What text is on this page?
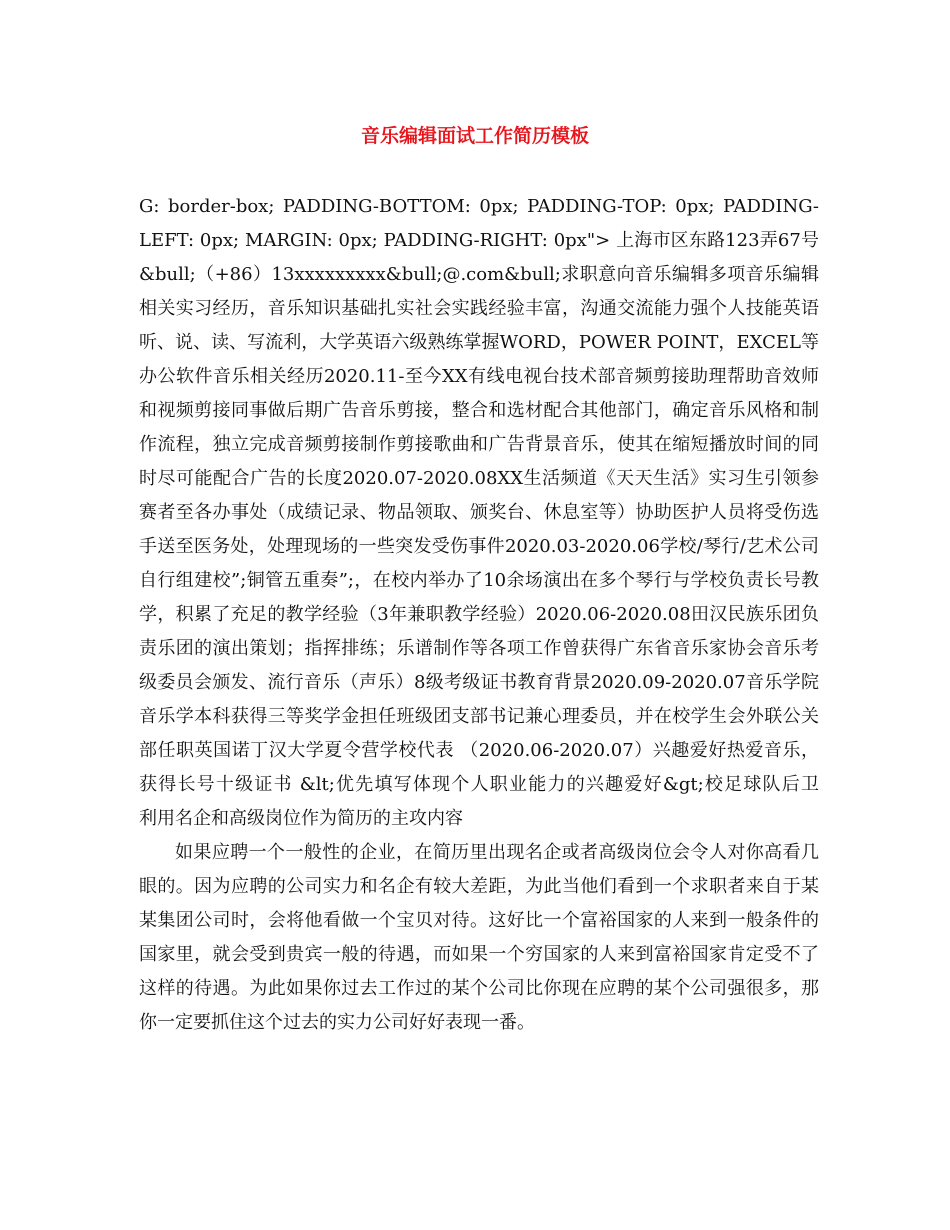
音乐编辑面试工作简历模板

G: border-box; PADDING-BOTTOM: 0px; PADDING-TOP: 0px; PADDING-LEFT: 0px; MARGIN: 0px; PADDING-RIGHT: 0px"> 上海市区东路123弄67号&bull;（+86）13xxxxxxxxx&bull;@.com&bull;求职意向音乐编辑多项音乐编辑相关实习经历，音乐知识基础扎实社会实践经验丰富，沟通交流能力强个人技能英语听、说、读、写流利，大学英语六级熟练掌握WORD，POWER POINT，EXCEL等办公软件音乐相关经历2020.11-至今XX有线电视台技术部音频剪接助理帮助音效师和视频剪接同事做后期广告音乐剪接，整合和选材配合其他部门，确定音乐风格和制作流程，独立完成音频剪接制作剪接歌曲和广告背景音乐，使其在缩短播放时间的同时尽可能配合广告的长度2020.07-2020.08XX生活频道《天天生活》实习生引领参赛者至各办事处（成绩记录、物品领取、颁奖台、休息室等）协助医护人员将受伤选手送至医务处，处理现场的一些突发受伤事件2020.03-2020.06学校/琴行/艺术公司自行组建校”;铜管五重奏”;，在校内举办了10余场演出在多个琴行与学校负责长号教学，积累了充足的教学经验（3年兼职教学经验）2020.06-2020.08田汉民族乐团负责乐团的演出策划；指挥排练；乐谱制作等各项工作曾获得广东省音乐家协会音乐考级委员会颁发、流行音乐（声乐）8级考级证书教育背景2020.09-2020.07音乐学院音乐学本科获得三等奖学金担任班级团支部书记兼心理委员，并在校学生会外联公关部任职英国诺丁汉大学夏令营学校代表 （2020.06-2020.07）兴趣爱好热爱音乐，获得长号十级证书 &lt;优先填写体现个人职业能力的兴趣爱好&gt;校足球队后卫　　利用名企和高级岗位作为简历的主攻内容

如果应聘一个一般性的企业，在简历里出现名企或者高级岗位会令人对你高看几眼的。因为应聘的公司实力和名企有较大差距，为此当他们看到一个求职者来自于某某集团公司时，会将他看做一个宝贝对待。这好比一个富裕国家的人来到一般条件的国家里，就会受到贵宾一般的待遇，而如果一个穷国家的人来到富裕国家肯定受不了这样的待遇。为此如果你过去工作过的某个公司比你现在应聘的某个公司强很多，那你一定要抓住这个过去的实力公司好好表现一番。
